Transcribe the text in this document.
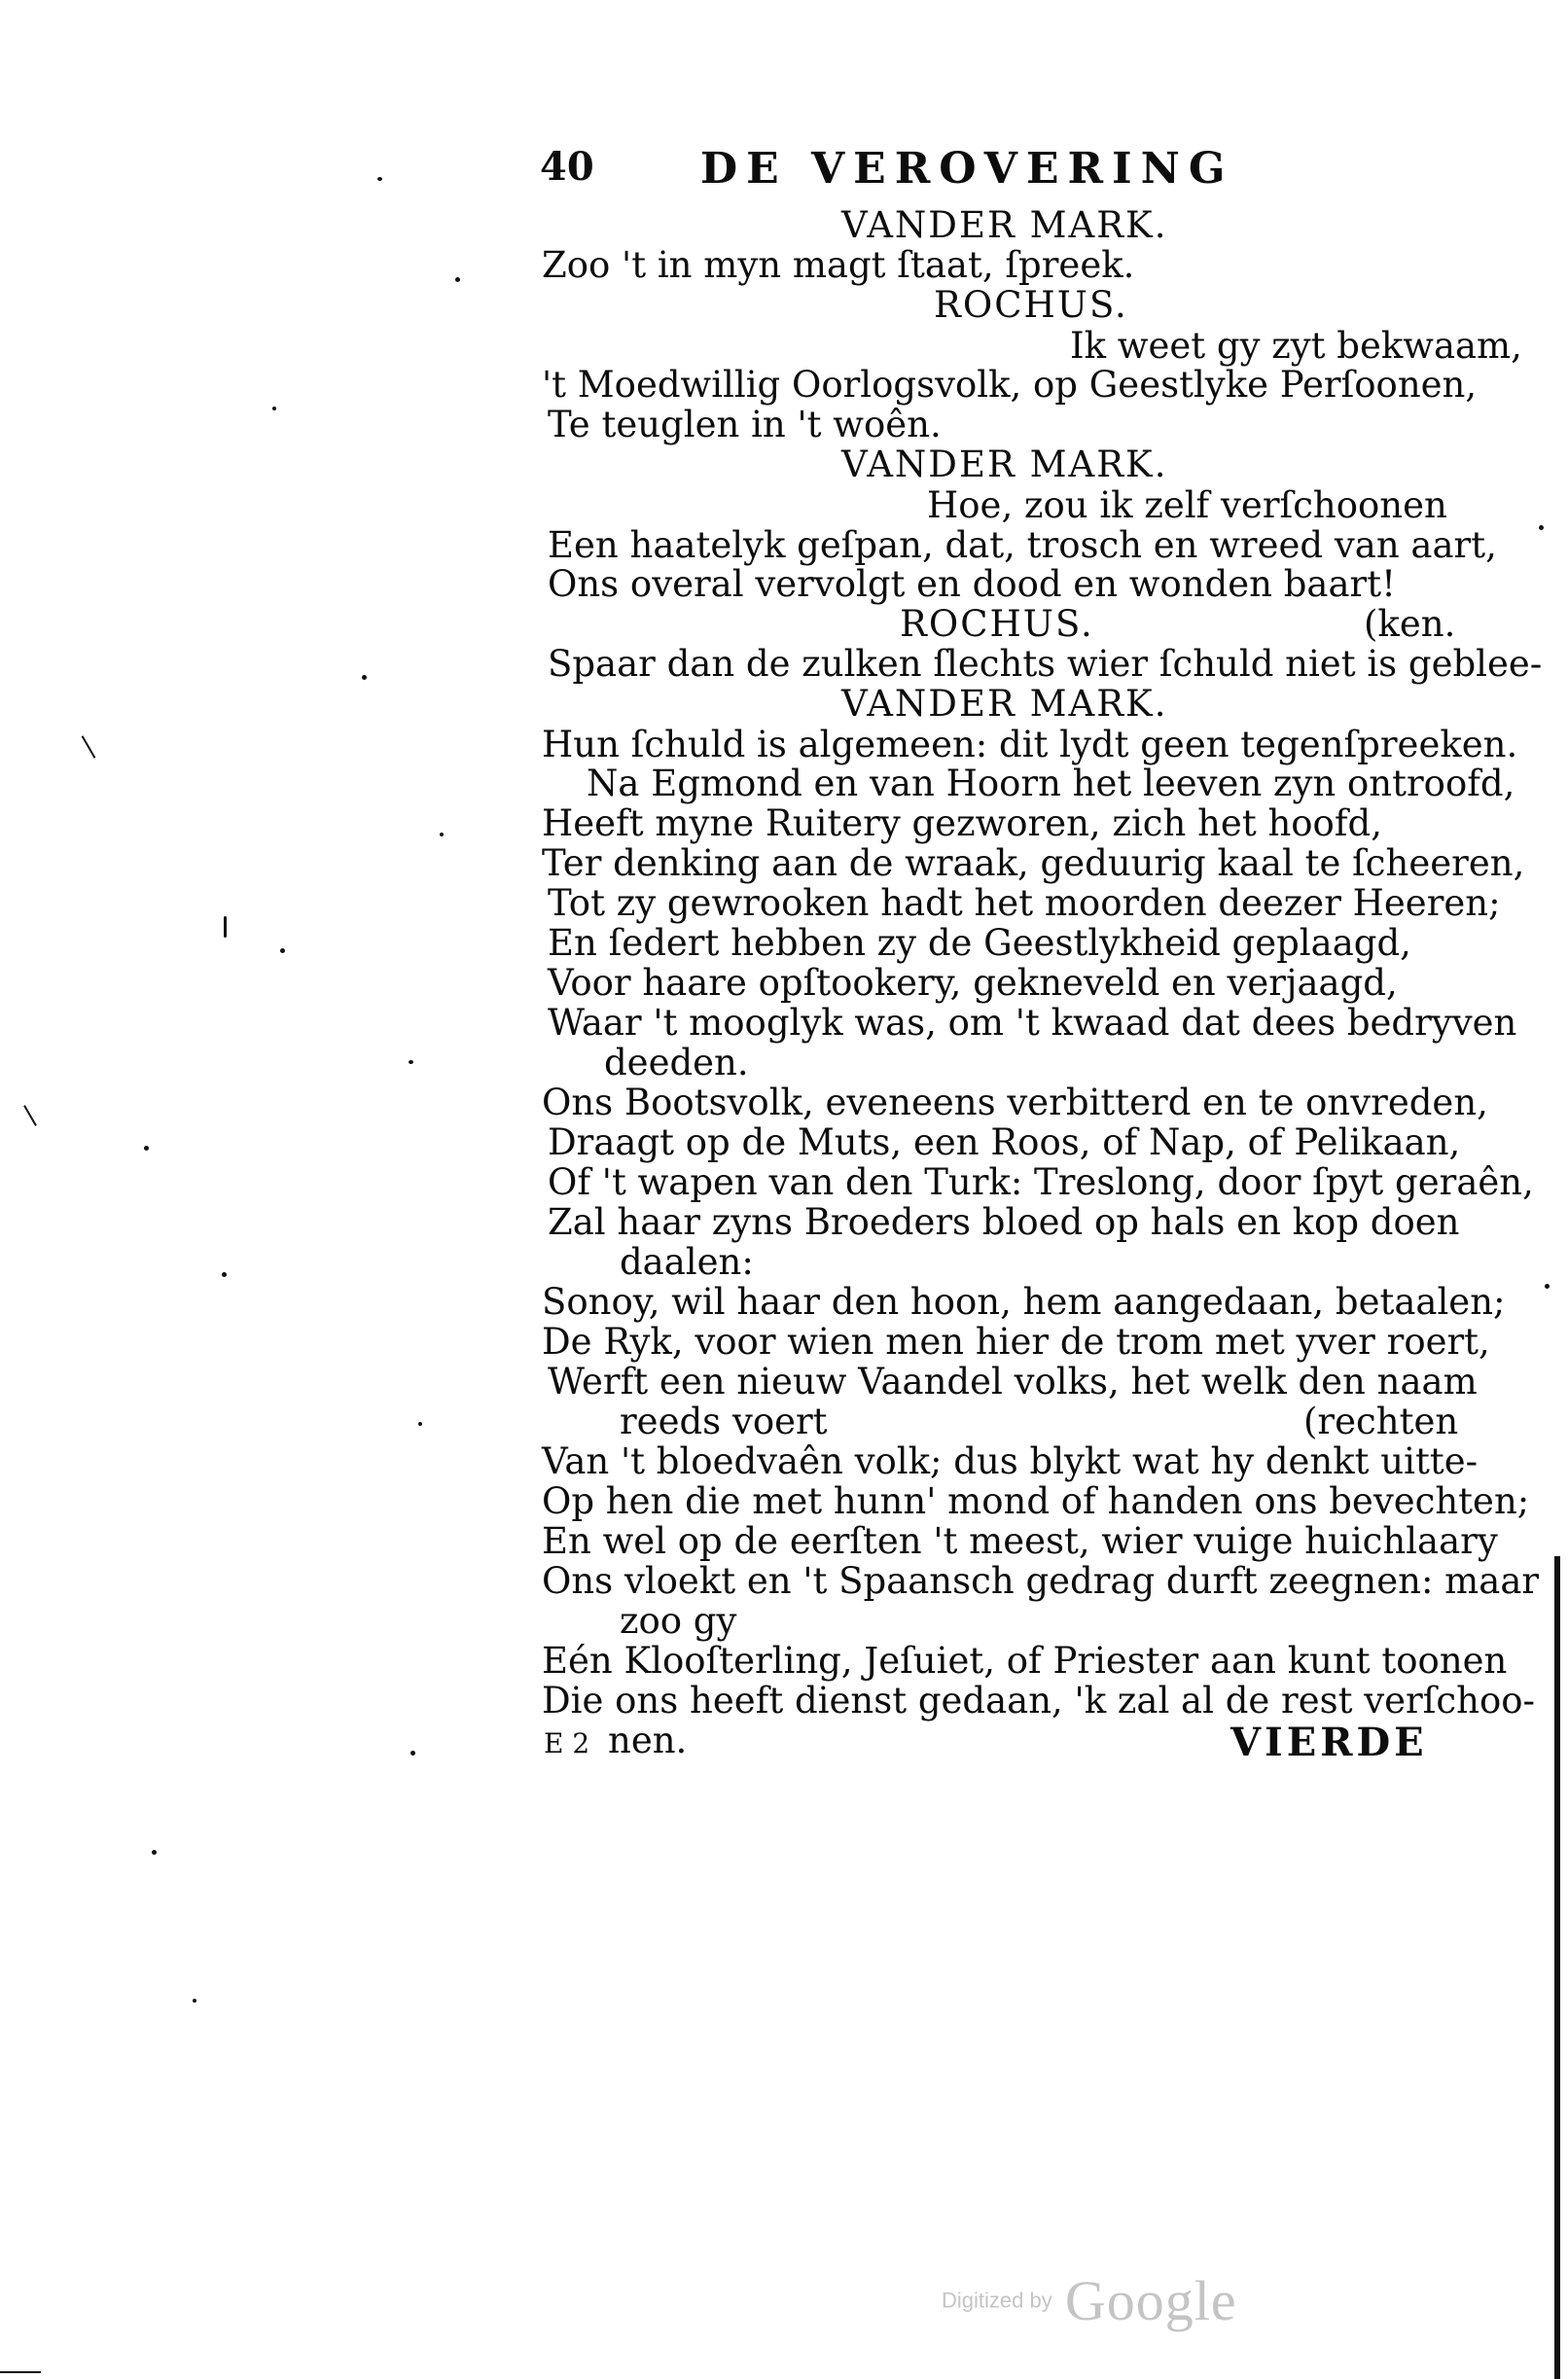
40 DE VEROVERING
VANDER MARK.
Zoo 't in myn magt ſtaat, ſpreek.
ROCHUS.
Ik weet gy zyt bekwaam,
't Moedwillig Oorlogsvolk, op Geestlyke Perſoonen,
Te teuglen in 't woên.
VANDER MARK.
Hoe, zou ik zelf verſchoonen
Een haatelyk geſpan, dat, trosch en wreed van aart,
Ons overal vervolgt en dood en wonden baart!
ROCHUS.	(ken.
Spaar dan de zulken ſlechts wier ſchuld niet is geblee-
VANDER MARK.
Hun ſchuld is algemeen: dit lydt geen tegenſpreeken.
Na Egmond en van Hoorn het leeven zyn ontroofd,
Heeft myne Ruitery gezworen, zich het hoofd,
Ter denking aan de wraak, geduurig kaal te ſcheeren,
Tot zy gewrooken hadt het moorden deezer Heeren;
En ſedert hebben zy de Geestlykheid geplaagd,
Voor haare opſtookery, gekneveld en verjaagd,
Waar 't mooglyk was, om 't kwaad dat dees bedryven
deeden.
Ons Bootsvolk, eveneens verbitterd en te onvreden,
Draagt op de Muts, een Roos, of Nap, of Pelikaan,
Of 't wapen van den Turk: Treslong, door ſpyt geraên,
Zal haar zyns Broeders bloed op hals en kop doen
daalen:
Sonoy, wil haar den hoon, hem aangedaan, betaalen;
De Ryk, voor wien men hier de trom met yver roert,
Werft een nieuw Vaandel volks, het welk den naam
reeds voert	(rechten
Van 't bloedvaên volk; dus blykt wat hy denkt uitte-
Op hen die met hunn' mond of handen ons bevechten;
En wel op de eerſten 't meest, wier vuige huichlaary
Ons vloekt en 't Spaansch gedrag durft zeegnen: maar
zoo gy
Eén Klooſterling, Jeſuiet, of Priester aan kunt toonen
Die ons heeft dienst gedaan, 'k zal al de rest verſchoo-
nen.
E 2	VIERDE
Digitized by Google
